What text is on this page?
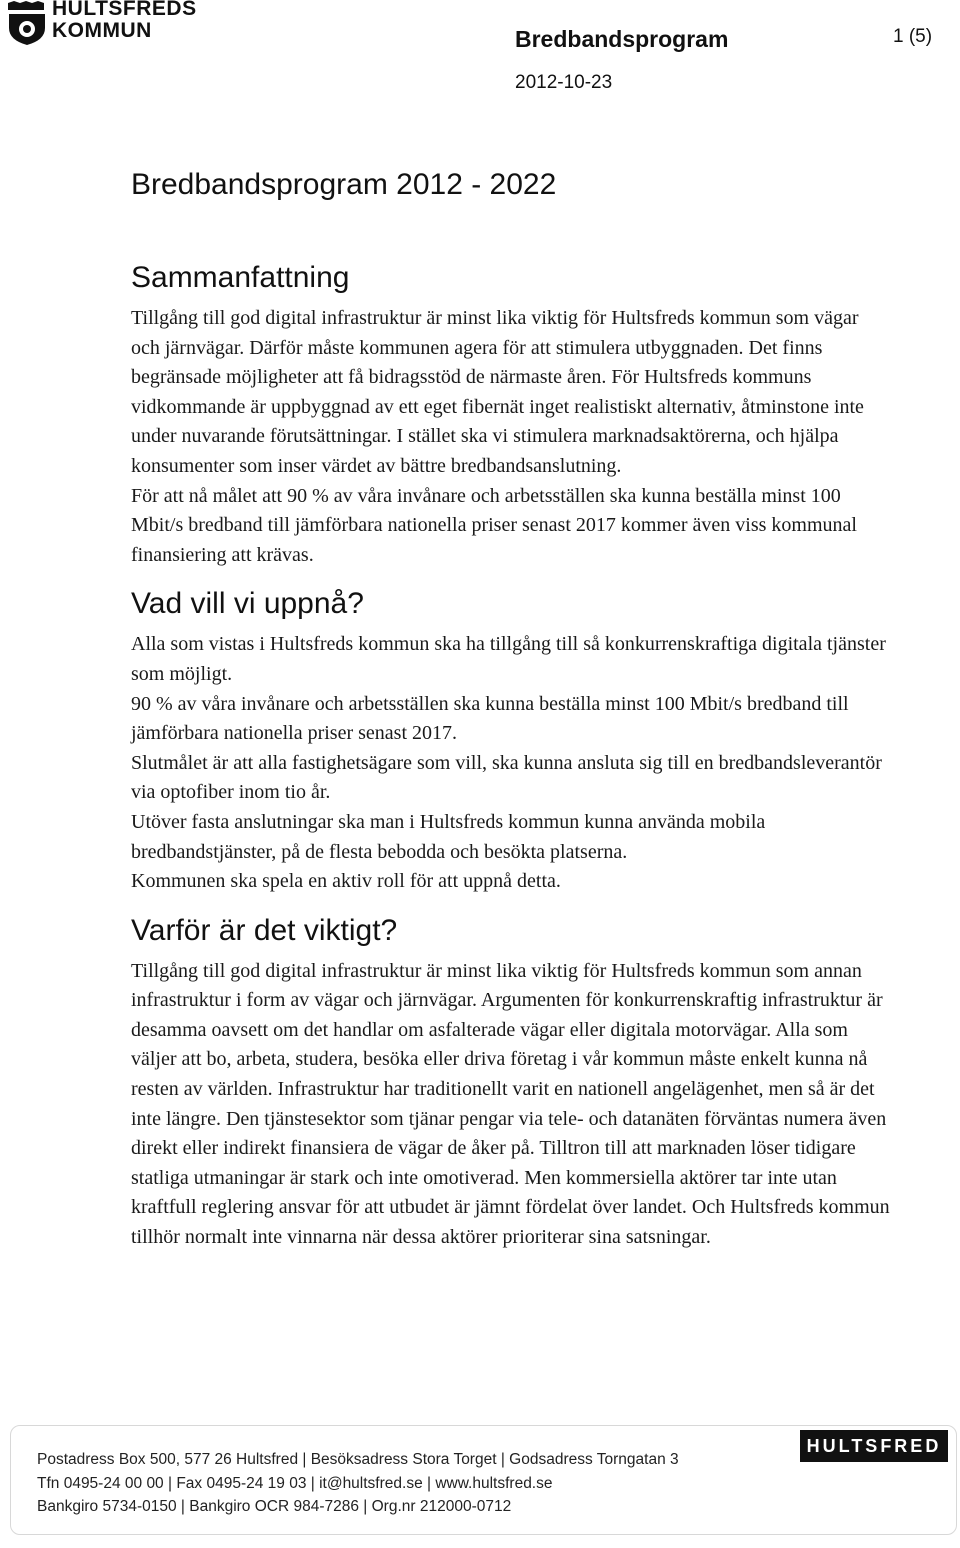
HULTSFREDS
KOMMUN	Bredbandsprogram	1 (5)
2012-10-23
Bredbandsprogram 2012 - 2022
Sammanfattning

Tillgång till god digital infrastruktur är minst lika viktig för Hultsfreds kommun som vägar och järnvägar. Därför måste kommunen agera för att stimulera utbyggnaden. Det finns begränsade möjligheter att få bidragsstöd de närmaste åren. För Hultsfreds kommuns vidkommande är uppbyggnad av ett eget fibernät inget realistiskt alternativ, åtminstone inte under nuvarande förutsättningar. I stället ska vi stimulera marknadsaktörerna, och hjälpa konsumenter som inser värdet av bättre bredbandsanslutning.

För att nå målet att 90 % av våra invånare och arbetsställen ska kunna beställa minst 100 Mbit/s bredband till jämförbara nationella priser senast 2017 kommer även viss kommunal finansiering att krävas.

Vad vill vi uppnå?

Alla som vistas i Hultsfreds kommun ska ha tillgång till så konkurrenskraftiga digitala tjänster som möjligt.

90 % av våra invånare och arbetsställen ska kunna beställa minst 100 Mbit/s bredband till jämförbara nationella priser senast 2017.

Slutmålet är att alla fastighetsägare som vill, ska kunna ansluta sig till en bredbandsleverantör via optofiber inom tio år.

Utöver fasta anslutningar ska man i Hultsfreds kommun kunna använda mobila bredbandstjänster, på de flesta bebodda och besökta platserna.

Kommunen ska spela en aktiv roll för att uppnå detta.

Varför är det viktigt?

Tillgång till god digital infrastruktur är minst lika viktig för Hultsfreds kommun som annan infrastruktur i form av vägar och järnvägar. Argumenten för konkurrenskraftig infrastruktur är desamma oavsett om det handlar om asfalterade vägar eller digitala motorvägar. Alla som väljer att bo, arbeta, studera, besöka eller driva företag i vår kommun måste enkelt kunna nå resten av världen. Infrastruktur har traditionellt varit en nationell angelägenhet, men så är det inte längre. Den tjänstesektor som tjänar pengar via tele- och datanäten förväntas numera även direkt eller indirekt finansiera de vägar de åker på. Tilltron till att marknaden löser tidigare statliga utmaningar är stark och inte omotiverad. Men kommersiella aktörer tar inte utan kraftfull reglering ansvar för att utbudet är jämnt fördelat över landet. Och Hultsfreds kommun tillhör normalt inte vinnarna när dessa aktörer prioriterar sina satsningar.

Postadress Box 500, 577 26 Hultsfred | Besöksadress Stora Torget | Godsadress Torngatan 3
Tfn 0495-24 00 00 | Fax 0495-24 19 03 | it@hultsfred.se | www.hultsfred.se
Bankgiro 5734-0150 | Bankgiro OCR 984-7286 | Org.nr 212000-0712
HULTSFRED
